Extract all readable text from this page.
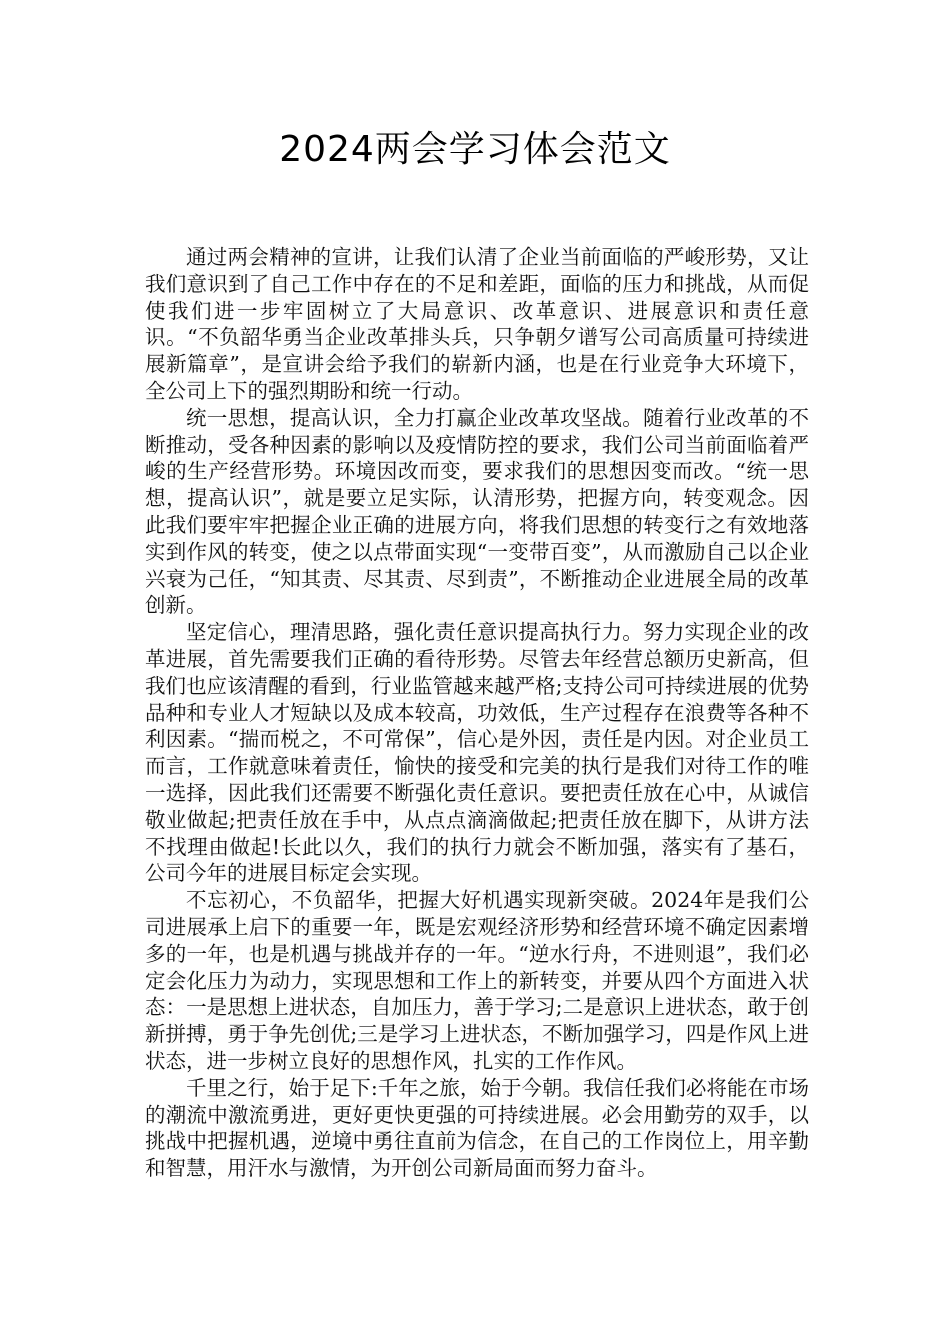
2024两会学习体会范文

通过两会精神的宣讲，让我们认清了企业当前面临的严峻形势，又让我们意识到了自己工作中存在的不足和差距，面临的压力和挑战，从而促使我们进一步牢固树立了大局意识、改革意识、进展意识和责任意识。“不负韶华勇当企业改革排头兵，只争朝夕谱写公司高质量可持续进展新篇章”，是宣讲会给予我们的崭新内涵，也是在行业竞争大环境下，全公司上下的强烈期盼和统一行动。

统一思想，提高认识，全力打赢企业改革攻坚战。随着行业改革的不断推动，受各种因素的影响以及疫情防控的要求，我们公司当前面临着严峻的生产经营形势。环境因改而变，要求我们的思想因变而改。“统一思想，提高认识”，就是要立足实际，认清形势，把握方向，转变观念。因此我们要牢牢把握企业正确的进展方向，将我们思想的转变行之有效地落实到作风的转变，使之以点带面实现“一变带百变”，从而激励自己以企业兴衰为己任，“知其责、尽其责、尽到责”，不断推动企业进展全局的改革创新。

坚定信心，理清思路，强化责任意识提高执行力。努力实现企业的改革进展，首先需要我们正确的看待形势。尽管去年经营总额历史新高，但我们也应该清醒的看到，行业监管越来越严格;支持公司可持续进展的优势品种和专业人才短缺以及成本较高，功效低，生产过程存在浪费等各种不利因素。“揣而棁之，不可常保”，信心是外因，责任是内因。对企业员工而言，工作就意味着责任，愉快的接受和完美的执行是我们对待工作的唯一选择，因此我们还需要不断强化责任意识。要把责任放在心中，从诚信敬业做起;把责任放在手中，从点点滴滴做起;把责任放在脚下，从讲方法不找理由做起!长此以久，我们的执行力就会不断加强，落实有了基石，公司今年的进展目标定会实现。

不忘初心，不负韶华，把握大好机遇实现新突破。2024年是我们公司进展承上启下的重要一年，既是宏观经济形势和经营环境不确定因素增多的一年，也是机遇与挑战并存的一年。“逆水行舟，不进则退”，我们必定会化压力为动力，实现思想和工作上的新转变，并要从四个方面进入状态：一是思想上进状态，自加压力，善于学习;二是意识上进状态，敢于创新拼搏，勇于争先创优;三是学习上进状态，不断加强学习，四是作风上进状态，进一步树立良好的思想作风，扎实的工作作风。

千里之行，始于足下:千年之旅，始于今朝。我信任我们必将能在市场的潮流中激流勇进，更好更快更强的可持续进展。必会用勤劳的双手，以挑战中把握机遇，逆境中勇往直前为信念，在自己的工作岗位上，用辛勤和智慧，用汗水与激情，为开创公司新局面而努力奋斗。
